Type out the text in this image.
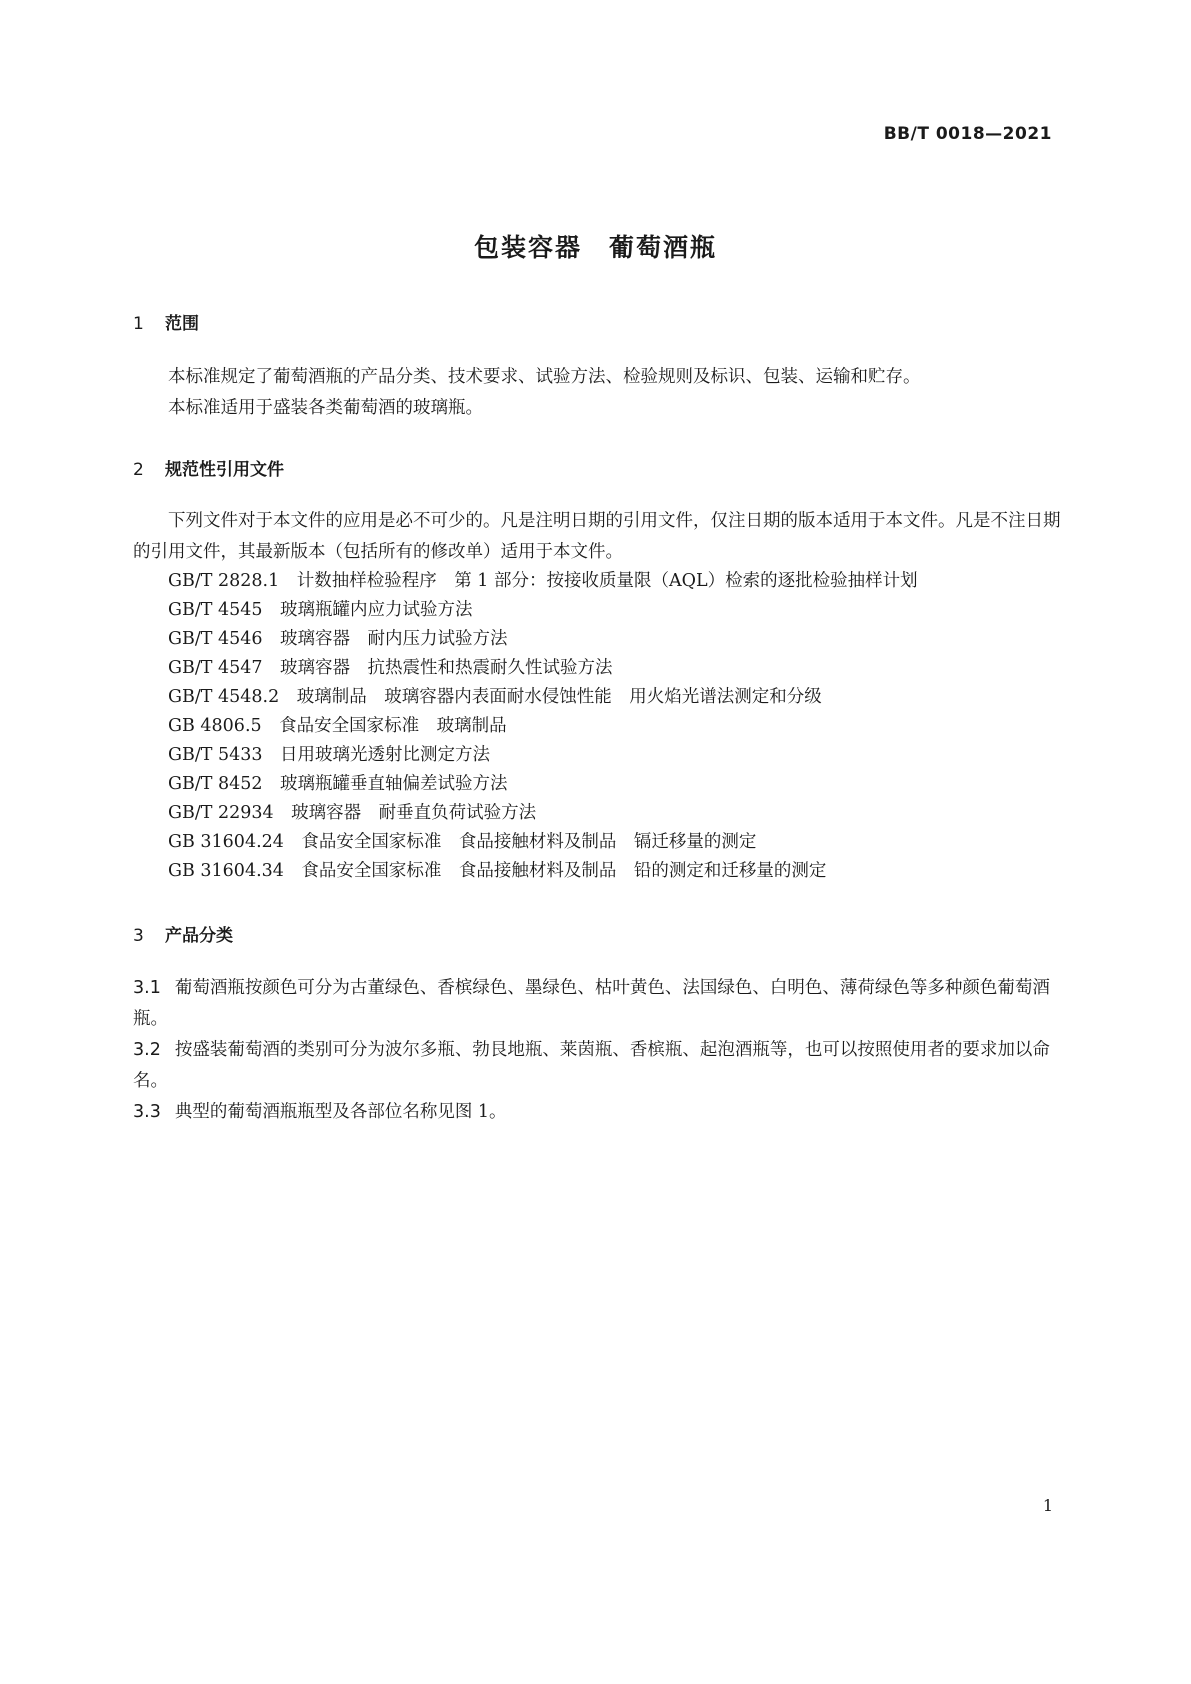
BB/T 0018—2021
包装容器　葡萄酒瓶
1 范围
本标准规定了葡萄酒瓶的产品分类、技术要求、试验方法、检验规则及标识、包装、运输和贮存。
本标准适用于盛装各类葡萄酒的玻璃瓶。
2 规范性引用文件
下列文件对于本文件的应用是必不可少的。凡是注明日期的引用文件，仅注日期的版本适用于本文件。凡是不注日期的引用文件，其最新版本（包括所有的修改单）适用于本文件。
GB/T 2828.1　 计数抽样检验程序　第 1 部分：按接收质量限（AQL）检索的逐批检验抽样计划
GB/T 4545　 玻璃瓶罐内应力试验方法
GB/T 4546　 玻璃容器　耐内压力试验方法
GB/T 4547　 玻璃容器　抗热震性和热震耐久性试验方法
GB/T 4548.2　 玻璃制品　玻璃容器内表面耐水侵蚀性能　用火焰光谱法测定和分级
GB 4806.5　 食品安全国家标准　玻璃制品
GB/T 5433　 日用玻璃光透射比测定方法
GB/T 8452　 玻璃瓶罐垂直轴偏差试验方法
GB/T 22934　 玻璃容器　耐垂直负荷试验方法
GB 31604.24　 食品安全国家标准　食品接触材料及制品　镉迁移量的测定
GB 31604.34　 食品安全国家标准　食品接触材料及制品　铅的测定和迁移量的测定
3 产品分类
3.1 葡萄酒瓶按颜色可分为古董绿色、香槟绿色、墨绿色、枯叶黄色、法国绿色、白明色、薄荷绿色等多种颜色葡萄酒瓶。
3.2 按盛装葡萄酒的类别可分为波尔多瓶、勃艮地瓶、莱茵瓶、香槟瓶、起泡酒瓶等，也可以按照使用者的要求加以命名。
3.3 典型的葡萄酒瓶瓶型及各部位名称见图 1。
1
